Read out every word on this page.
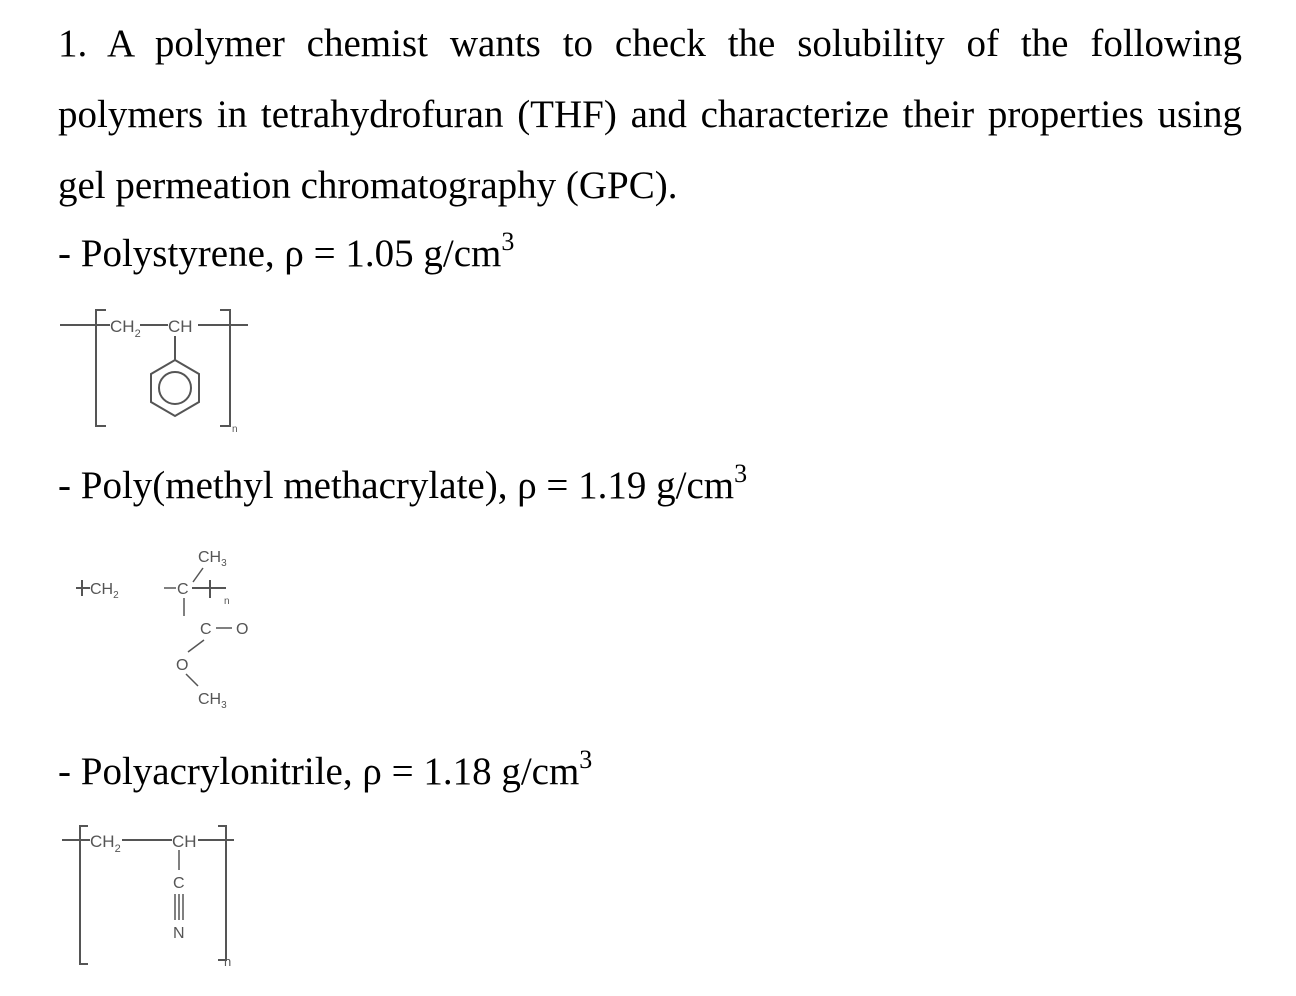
1. A polymer chemist wants to check the solubility of the following polymers in tetrahydrofuran (THF) and characterize their properties using gel permeation chromatography (GPC).

- Polystyrene, ρ = 1.05 $g/cm^3$

$CH_2$ CH
n

- Poly(methyl methacrylate), ρ = 1.19 $g/cm^3$

$CH_3$
$CH_2$	C
n
C O
O
$CH_3$

- Polyacrylonitrile, ρ = 1.18 $g/cm^3$

$CH_2$	CH
n
C
N
